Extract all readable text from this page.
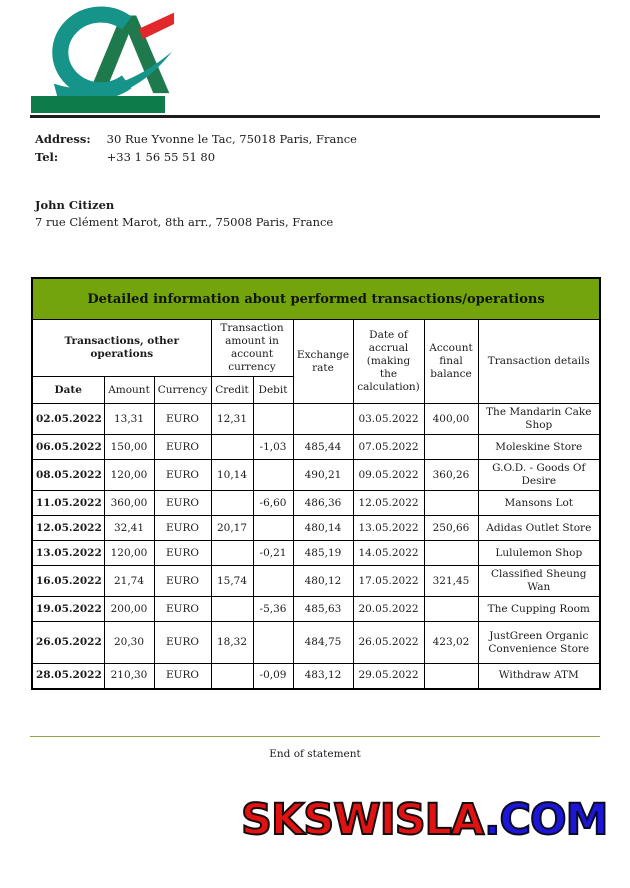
Address: 30 Rue Yvonne le Tac, 75018 Paris, France
Tel:	+33 1 56 55 51 80
John Citizen
7 rue Clément Marot, 8th arr., 75008 Paris, France
Detailed information about performed transactions/operations								
Transactions, other operations			Transaction amount in account currency		Exchange rate	Date of accrual (making the calculation)	Account final balance	Transaction details
Date	Amount	Currency	Credit	Debit				
02.05.2022	13,31	EURO	12,31			03.05.2022	400,00	The Mandarin Cake Shop
06.05.2022	150,00	EURO		-1,03	485,44	07.05.2022		Moleskine Store
08.05.2022	120,00	EURO	10,14		490,21	09.05.2022	360,26	G.O.D. - Goods Of Desire
11.05.2022	360,00	EURO		-6,60	486,36	12.05.2022		Mansons Lot
12.05.2022	32,41	EURO	20,17		480,14	13.05.2022	250,66	Adidas Outlet Store
13.05.2022	120,00	EURO		-0,21	485,19	14.05.2022		Lululemon Shop
16.05.2022	21,74	EURO	15,74		480,12	17.05.2022	321,45	Classified Sheung Wan
19.05.2022	200,00	EURO		-5,36	485,63	20.05.2022		The Cupping Room
26.05.2022	20,30	EURO	18,32		484,75	26.05.2022	423,02	JustGreen Organic Convenience Store
28.05.2022	210,30	EURO		-0,09	483,12	29.05.2022		Withdraw ATM
End of statement
SKSWISLA.COM
